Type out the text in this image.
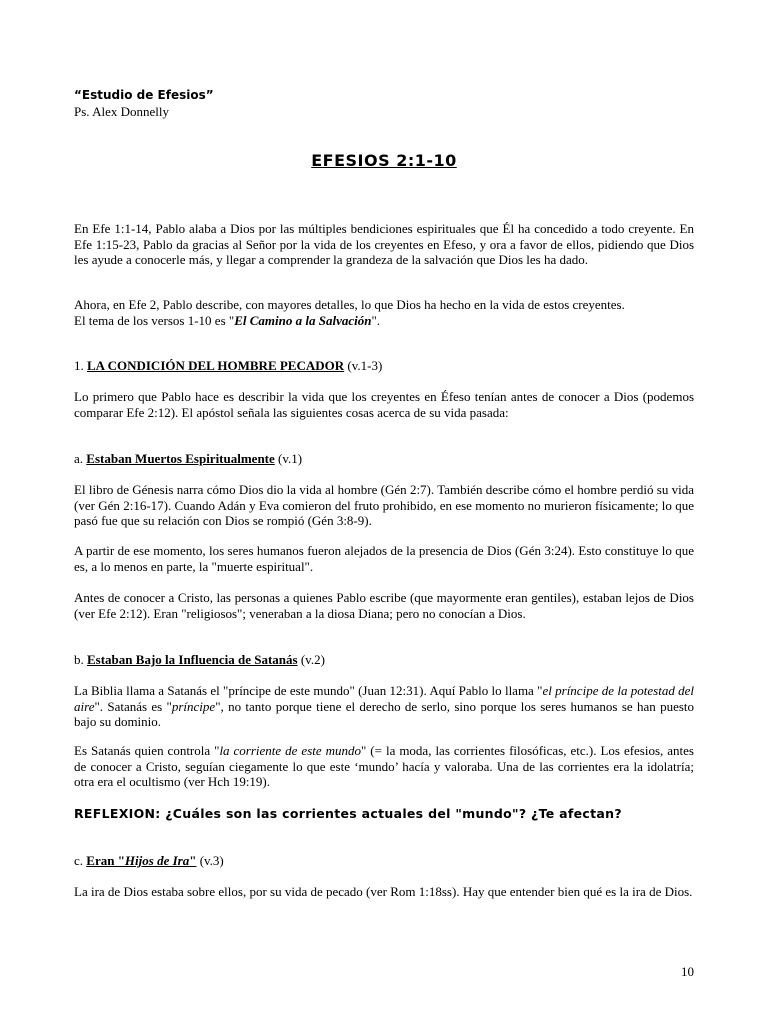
“Estudio de Efesios”
Ps. Alex Donnelly
EFESIOS 2:1-10

En Efe 1:1-14, Pablo alaba a Dios por las múltiples bendiciones espirituales que Él ha concedido a todo creyente. En Efe 1:15-23, Pablo da gracias al Señor por la vida de los creyentes en Efeso, y ora a favor de ellos, pidiendo que Dios les ayude a conocerle más, y llegar a comprender la grandeza de la salvación que Dios les ha dado.

Ahora, en Efe 2, Pablo describe, con mayores detalles, lo que Dios ha hecho en la vida de estos creyentes.

El tema de los versos 1-10 es "El Camino a la Salvación".

1. LA CONDICIÓN DEL HOMBRE PECADOR (v.1-3)

Lo primero que Pablo hace es describir la vida que los creyentes en Éfeso tenían antes de conocer a Dios (podemos comparar Efe 2:12). El apóstol señala las siguientes cosas acerca de su vida pasada:

a. Estaban Muertos Espiritualmente (v.1)

El libro de Génesis narra cómo Dios dio la vida al hombre (Gén 2:7). También describe cómo el hombre perdió su vida (ver Gén 2:16-17). Cuando Adán y Eva comieron del fruto prohibido, en ese momento no murieron físicamente; lo que pasó fue que su relación con Dios se rompió (Gén 3:8-9).

A partir de ese momento, los seres humanos fueron alejados de la presencia de Dios (Gén 3:24). Esto constituye lo que es, a lo menos en parte, la "muerte espiritual".

Antes de conocer a Cristo, las personas a quienes Pablo escribe (que mayormente eran gentiles), estaban lejos de Dios (ver Efe 2:12). Eran "religiosos"; veneraban a la diosa Diana; pero no conocían a Dios.

b. Estaban Bajo la Influencia de Satanás (v.2)

La Biblia llama a Satanás el "príncipe de este mundo" (Juan 12:31). Aquí Pablo lo llama "el príncipe de la potestad del aire". Satanás es "príncipe", no tanto porque tiene el derecho de serlo, sino porque los seres humanos se han puesto bajo su dominio.

Es Satanás quien controla "la corriente de este mundo" (= la moda, las corrientes filosóficas, etc.). Los efesios, antes de conocer a Cristo, seguían ciegamente lo que este ‘mundo’ hacía y valoraba. Una de las corrientes era la idolatría; otra era el ocultismo (ver Hch 19:19).

REFLEXION: ¿Cuáles son las corrientes actuales del "mundo"? ¿Te afectan?

c. Eran "Hijos de Ira" (v.3)

La ira de Dios estaba sobre ellos, por su vida de pecado (ver Rom 1:18ss). Hay que entender bien qué es la ira de Dios.

10
